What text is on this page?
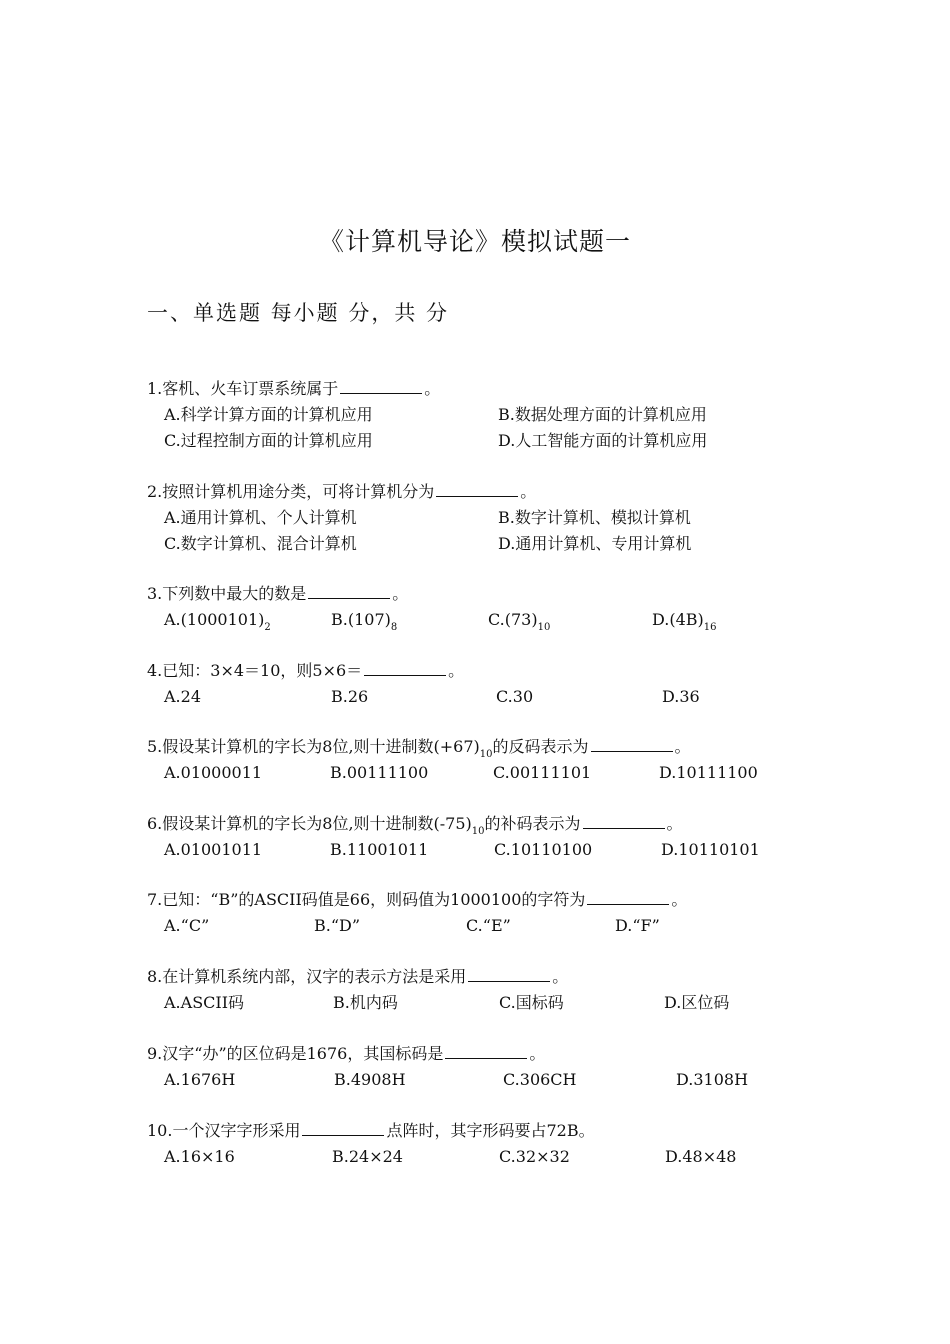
《计算机导论》模拟试题一
一、单选题 每小题 分，共 分
1.客机、火车订票系统属于	。
A.科学计算方面的计算机应用	B.数据处理方面的计算机应用
C.过程控制方面的计算机应用	D.人工智能方面的计算机应用
2.按照计算机用途分类，可将计算机分为	。
A.通用计算机、个人计算机	B.数字计算机、模拟计算机
C.数字计算机、混合计算机	D.通用计算机、专用计算机
3.下列数中最大的数是	。
$A.(1000101)_2$	$B.(107)_8$	$C.(73)_{10}$	$D.(4B)_{16}$
4.已知：3×4＝10，则5×6＝	。
A.24	B.26	C.30	D.36
5.假设某计算机的字长为8位,则十进制数$(+67)_{10}$的反码表示为	。
A.01000011	B.00111100	C.00111101	D.10111100
6.假设某计算机的字长为8位,则十进制数$(-75)_{10}$的补码表示为	。
A.01001011	B.11001011	C.10110100	D.10110101
7.已知：“B”的ASCII码值是66，则码值为1000100的字符为	。
A.“C”	B.“D”	C.“E”	D.“F”
8.在计算机系统内部，汉字的表示方法是采用	。
A.ASCII码	B.机内码	C.国标码	D.区位码
9.汉字“办”的区位码是1676，其国标码是	。
A.1676H	B.4908H	C.306CH	D.3108H
10.一个汉字字形采用	点阵时，其字形码要占72B。
A.16×16	B.24×24	C.32×32	D.48×48
